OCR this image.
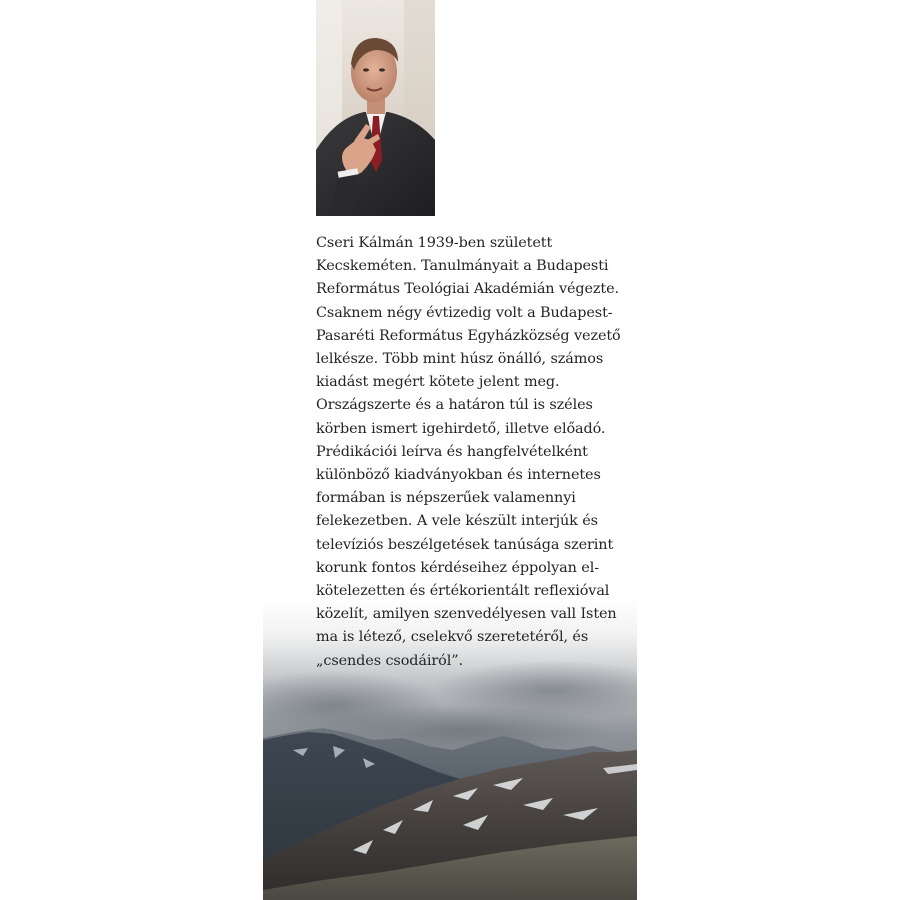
Cseri Kálmán 1939-ben született
Kecskeméten. Tanulmányait a Budapesti
Református Teológiai Akadémián végezte.
Csaknem négy évtizedig volt a Budapest-
Pasaréti Református Egyházközség vezető
lelkésze. Több mint húsz önálló, számos
kiadást megért kötete jelent meg.
Országszerte és a határon túl is széles
körben ismert igehirdető, illetve előadó.
Prédikációi leírva és hangfelvételként
különböző kiadványokban és internetes
formában is népszerűek valamennyi
felekezetben. A vele készült interjúk és
televíziós beszélgetések tanúsága szerint
korunk fontos kérdéseihez éppolyan el-
kötelezetten és értékorientált reflexióval
közelít, amilyen szenvedélyesen vall Isten
ma is létező, cselekvő szeretetéről, és
„csendes csodáiról”.
